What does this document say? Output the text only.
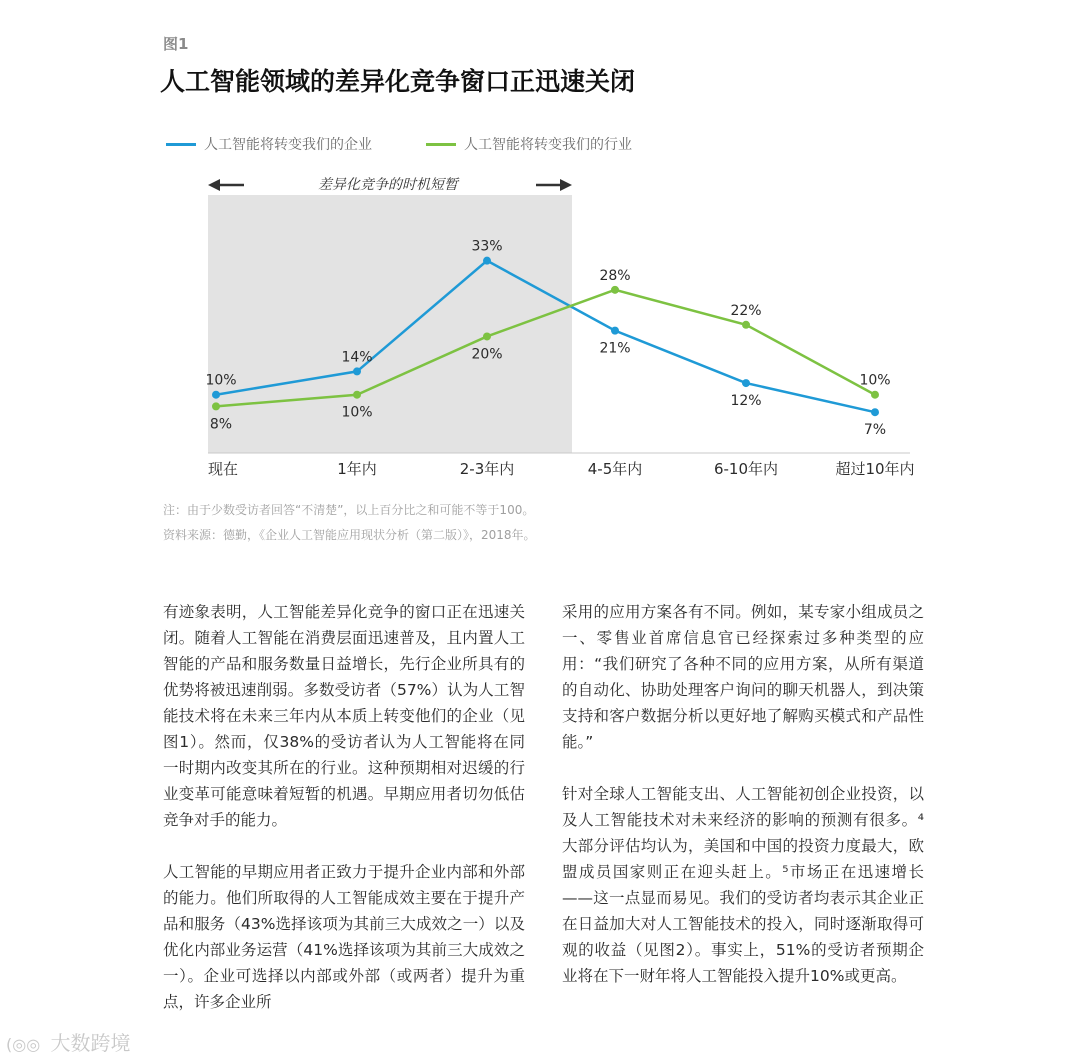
图1
人工智能领域的差异化竞争窗口正迅速关闭
人工智能将转变我们的企业	人工智能将转变我们的行业
差异化竞争的时机短暂
10%
14%
33%
21%
12%
7%
8%
10%
20%
28%
22%
10%
现在	1年内	2-3年内	4-5年内	6-10年内	超过10年内
注：由于少数受访者回答“不清楚”，以上百分比之和可能不等于100。
资料来源：德勤，《企业人工智能应用现状分析（第二版）》，2018年。

有迹象表明，人工智能差异化竞争的窗口正在迅速关闭。随着人工智能在消费层面迅速普及，且内置人工智能的产品和服务数量日益增长，先行企业所具有的优势将被迅速削弱。多数受访者（57%）认为人工智能技术将在未来三年内从本质上转变他们的企业（见图1）。然而，仅38%的受访者认为人工智能将在同一时期内改变其所在的行业。这种预期相对迟缓的行业变革可能意味着短暂的机遇。早期应用者切勿低估竞争对手的能力。

人工智能的早期应用者正致力于提升企业内部和外部的能力。他们所取得的人工智能成效主要在于提升产品和服务（43%选择该项为其前三大成效之一）以及优化内部业务运营（41%选择该项为其前三大成效之一）。企业可选择以内部或外部（或两者）提升为重点，许多企业所

采用的应用方案各有不同。例如，某专家小组成员之一、零售业首席信息官已经探索过多种类型的应用：“我们研究了各种不同的应用方案，从所有渠道的自动化、协助处理客户询问的聊天机器人，到决策支持和客户数据分析以更好地了解购买模式和产品性能。”

针对全球人工智能支出、人工智能初创企业投资，以及人工智能技术对未来经济的影响的预测有很多。⁴大部分评估均认为，美国和中国的投资力度最大，欧盟成员国家则正在迎头赶上。⁵市场正在迅速增长——这一点显而易见。我们的受访者均表示其企业正在日益加大对人工智能技术的投入，同时逐渐取得可观的收益（见图2）。事实上，51%的受访者预期企业将在下一财年将人工智能投入提升10%或更高。

(◎◎ 大数跨境
